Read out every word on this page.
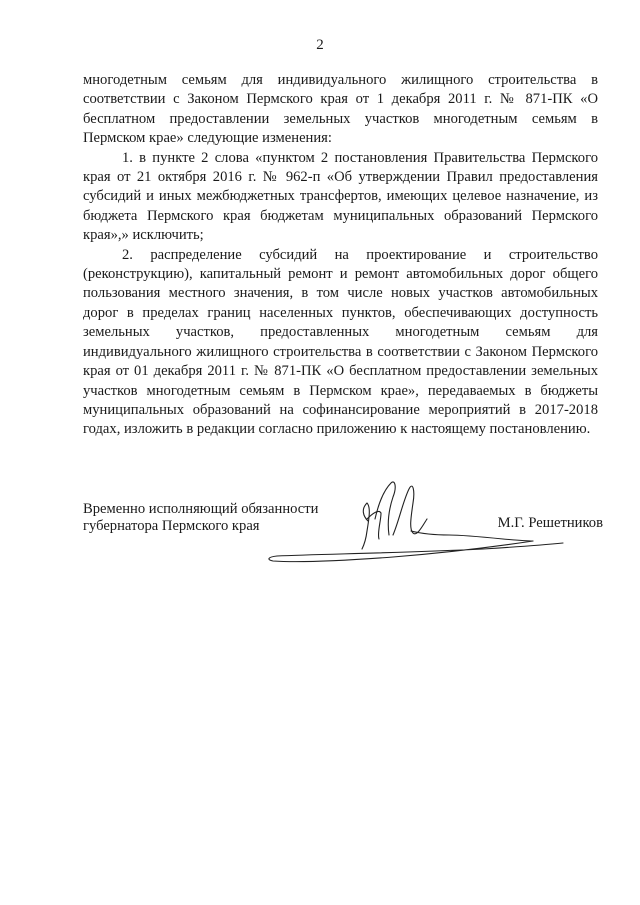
2

многодетным семьям для индивидуального жилищного строительства в соответствии с Законом Пермского края от 1 декабря 2011 г. № 871-ПК «О бесплатном предоставлении земельных участков многодетным семьям в Пермском крае» следующие изменения:

1. в пункте 2 слова «пунктом 2 постановления Правительства Пермского края от 21 октября 2016 г. № 962-п «Об утверждении Правил предоставления субсидий и иных межбюджетных трансфертов, имеющих целевое назначение, из бюджета Пермского края бюджетам муниципальных образований Пермского края»,» исключить;

2. распределение субсидий на проектирование и строительство (реконструкцию), капитальный ремонт и ремонт автомобильных дорог общего пользования местного значения, в том числе новых участков автомобильных дорог в пределах границ населенных пунктов, обеспечивающих доступность земельных участков, предоставленных многодетным семьям для индивидуального жилищного строительства в соответствии с Законом Пермского края от 01 декабря 2011 г. № 871-ПК «О бесплатном предоставлении земельных участков многодетным семьям в Пермском крае», передаваемых в бюджеты муниципальных образований на софинансирование мероприятий в 2017-2018 годах, изложить в редакции согласно приложению к настоящему постановлению.

Временно исполняющий обязанности
губернатора Пермского края	М.Г. Решетников
